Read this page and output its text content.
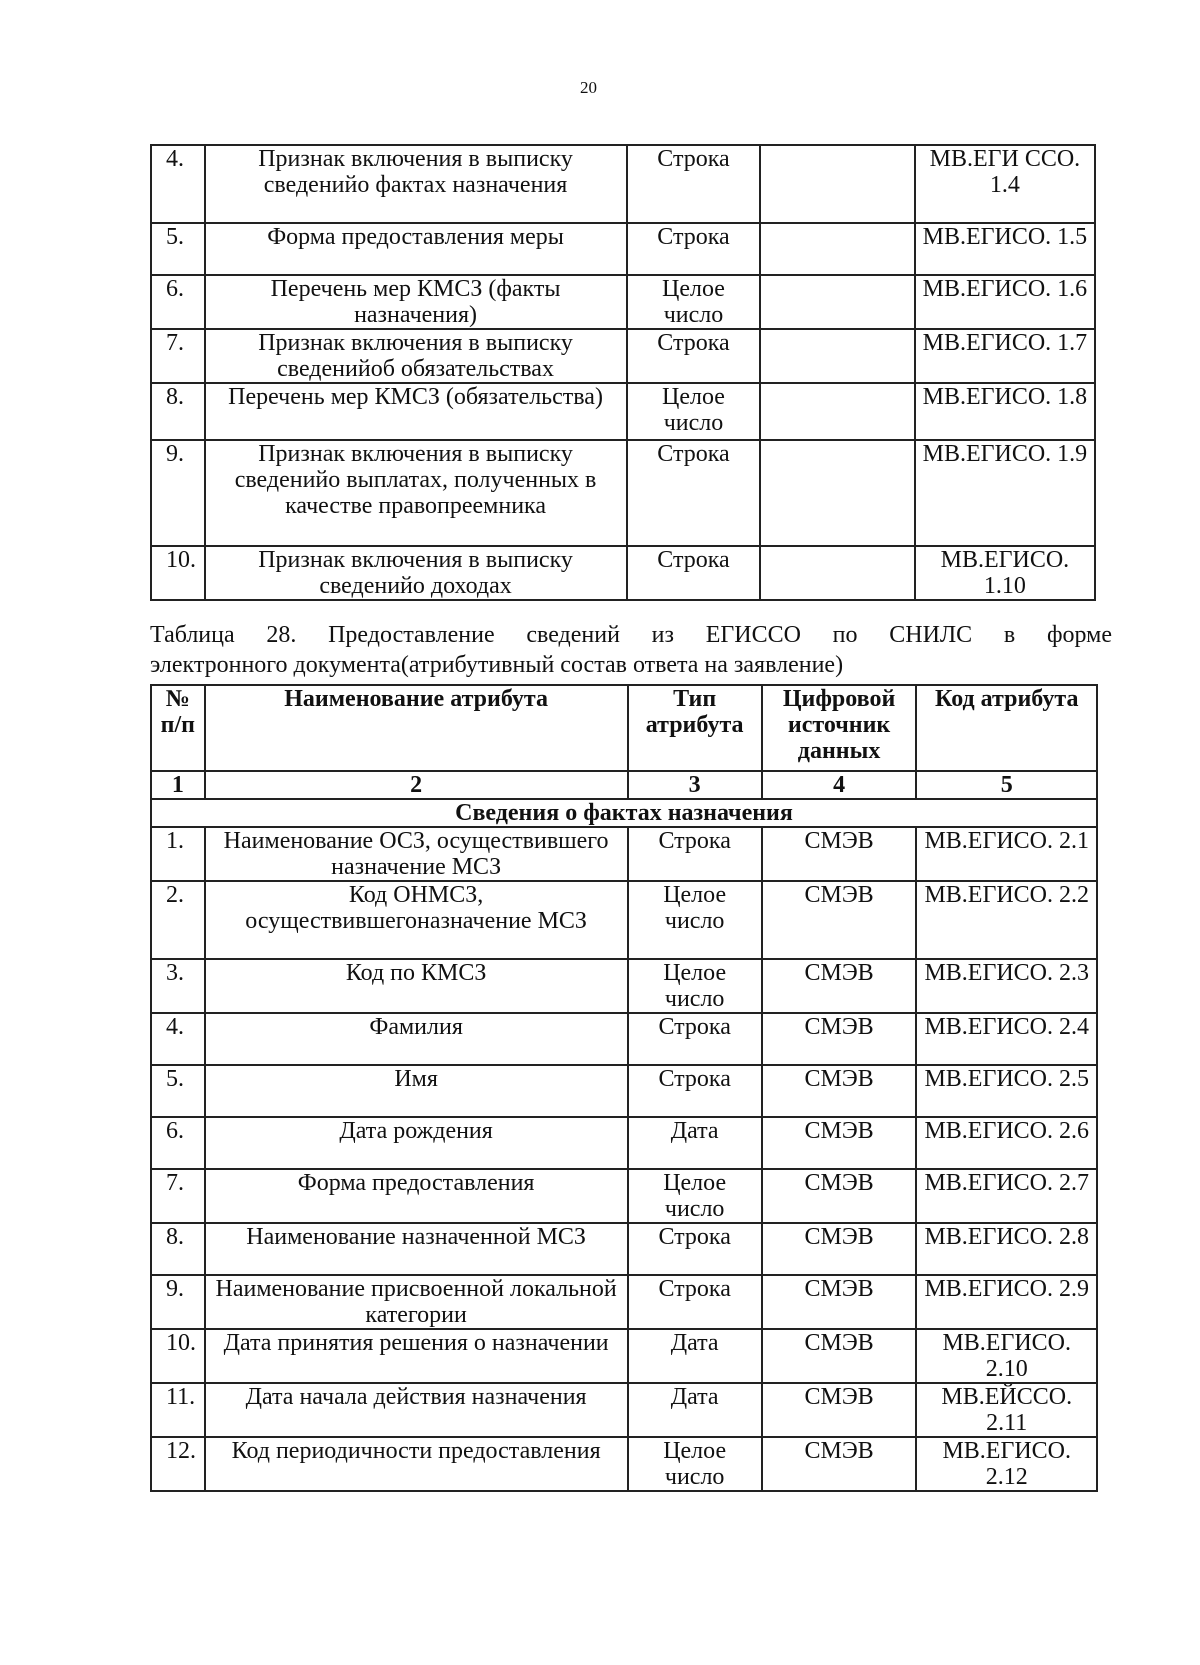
20
4.	Признак включения в выписку сведенийо фактах назначения	Строка		МВ.ЕГИ ССО. 1.4
5.	Форма предоставления меры	Строка		МВ.ЕГИСО. 1.5
6.	Перечень мер КМСЗ (факты назначения)	Целое число		МВ.ЕГИСО. 1.6
7.	Признак включения в выписку сведенийоб обязательствах	Строка		МВ.ЕГИСО. 1.7
8.	Перечень мер КМСЗ (обязательства)	Целое число		МВ.ЕГИСО. 1.8
9.	Признак включения в выписку сведенийо выплатах, полученных в качестве правопреемника	Строка		МВ.ЕГИСО. 1.9
10.	Признак включения в выписку сведенийо доходах	Строка		МВ.ЕГИСО. 1.10
Таблица 28. Предоставление сведений из ЕГИССО по СНИЛС в форме
электронного документа(атрибутивный состав ответа на заявление)
№ п/п	Наименование атрибута	Тип атрибута	Цифровой источник данных	Код атрибута
1	2	3	4	5
Сведения о фактах назначения				
1.	Наименование ОСЗ, осуществившего назначение МСЗ	Строка	СМЭВ	МВ.ЕГИСО. 2.1
2.	Код ОНМСЗ, осуществившегоназначение МСЗ	Целое число	СМЭВ	МВ.ЕГИСО. 2.2
3.	Код по КМСЗ	Целое число	СМЭВ	МВ.ЕГИСО. 2.3
4.	Фамилия	Строка	СМЭВ	МВ.ЕГИСО. 2.4
5.	Имя	Строка	СМЭВ	МВ.ЕГИСО. 2.5
6.	Дата рождения	Дата	СМЭВ	МВ.ЕГИСО. 2.6
7.	Форма предоставления	Целое число	СМЭВ	МВ.ЕГИСО. 2.7
8.	Наименование назначенной МСЗ	Строка	СМЭВ	МВ.ЕГИСО. 2.8
9.	Наименование присвоенной локальной категории	Строка	СМЭВ	МВ.ЕГИСО. 2.9
10.	Дата принятия решения о назначении	Дата	СМЭВ	МВ.ЕГИСО. 2.10
11.	Дата начала действия назначения	Дата	СМЭВ	МВ.ЕЙССО. 2.11
12.	Код периодичности предоставления	Целое число	СМЭВ	МВ.ЕГИСО. 2.12
